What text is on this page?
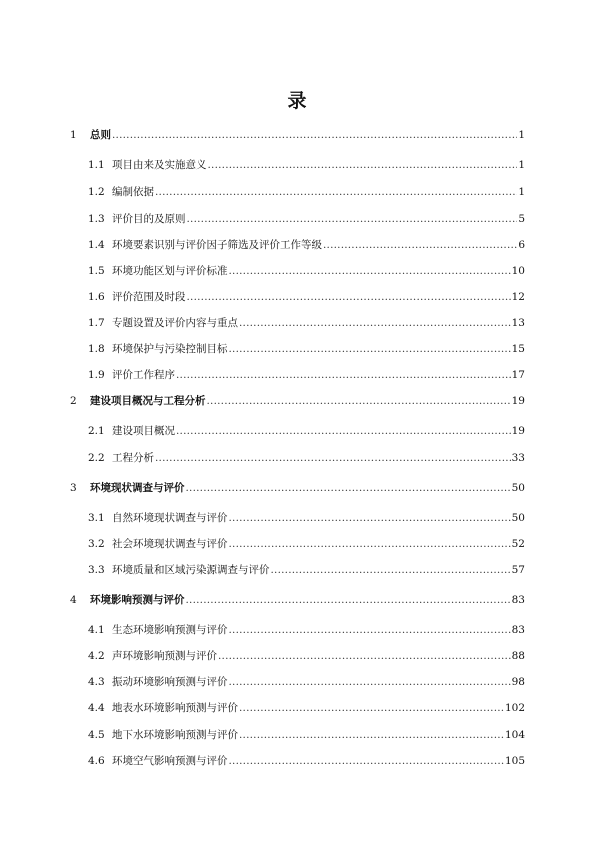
录
1	总则 .....	1
1.1 项目由来及实施意义 .....	1
1.2 编制依据 .....	1
1.3 评价目的及原则 .....	5
1.4 环境要素识别与评价因子筛选及评价工作等级 .....	6
1.5 环境功能区划与评价标准 .....	10
1.6 评价范围及时段 .....	12
1.7 专题设置及评价内容与重点 .....	13
1.8 环境保护与污染控制目标 .....	15
1.9 评价工作程序 .....	17
2	建设项目概况与工程分析 .....	19
2.1 建设项目概况 .....	19
2.2 工程分析 .....	33
3	环境现状调查与评价 .....	50
3.1 自然环境现状调查与评价 .....	50
3.2 社会环境现状调查与评价 .....	52
3.3 环境质量和区域污染源调查与评价 .....	57
4	环境影响预测与评价 .....	83
4.1 生态环境影响预测与评价 .....	83
4.2 声环境影响预测与评价 .....	88
4.3 振动环境影响预测与评价 .....	98
4.4 地表水环境影响预测与评价 .....	102
4.5 地下水环境影响预测与评价 .....	104
4.6 环境空气影响预测与评价 .....	105
